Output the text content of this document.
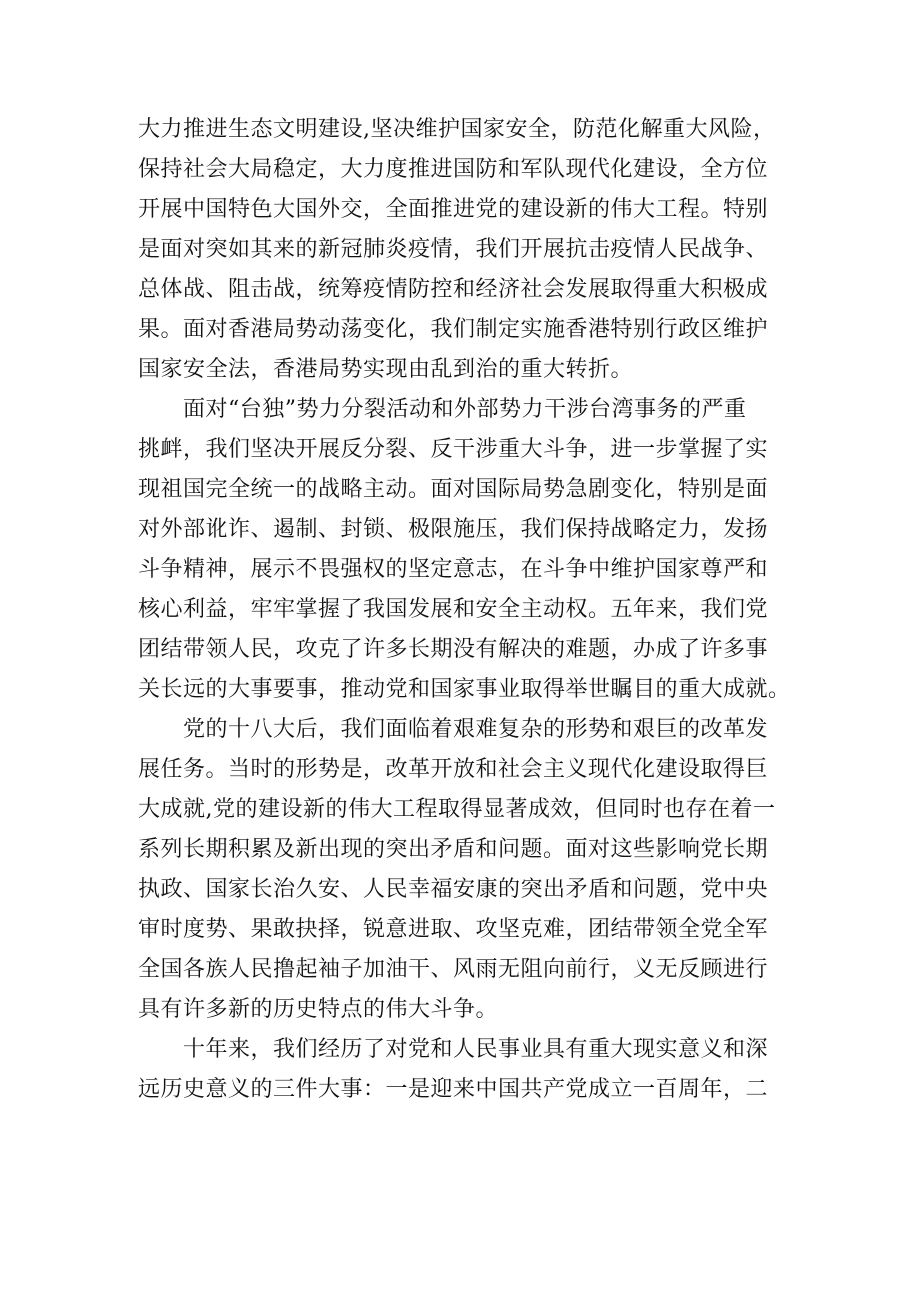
大力推进生态文明建设,坚决维护国家安全，防范化解重大风险，
保持社会大局稳定，大力度推进国防和军队现代化建设，全方位
开展中国特色大国外交，全面推进党的建设新的伟大工程。特别
是面对突如其来的新冠肺炎疫情，我们开展抗击疫情人民战争、
总体战、阻击战，统筹疫情防控和经济社会发展取得重大积极成
果。面对香港局势动荡变化，我们制定实施香港特别行政区维护
国家安全法，香港局势实现由乱到治的重大转折。
面对“台独”势力分裂活动和外部势力干涉台湾事务的严重
挑衅，我们坚决开展反分裂、反干涉重大斗争，进一步掌握了实
现祖国完全统一的战略主动。面对国际局势急剧变化，特别是面
对外部讹诈、遏制、封锁、极限施压，我们保持战略定力，发扬
斗争精神，展示不畏强权的坚定意志，在斗争中维护国家尊严和
核心利益，牢牢掌握了我国发展和安全主动权。五年来，我们党
团结带领人民，攻克了许多长期没有解决的难题，办成了许多事
关长远的大事要事，推动党和国家事业取得举世瞩目的重大成就。
党的十八大后，我们面临着艰难复杂的形势和艰巨的改革发
展任务。当时的形势是，改革开放和社会主义现代化建设取得巨
大成就,党的建设新的伟大工程取得显著成效，但同时也存在着一
系列长期积累及新出现的突出矛盾和问题。面对这些影响党长期
执政、国家长治久安、人民幸福安康的突出矛盾和问题，党中央
审时度势、果敢抉择，锐意进取、攻坚克难，团结带领全党全军
全国各族人民撸起袖子加油干、风雨无阻向前行，义无反顾进行
具有许多新的历史特点的伟大斗争。
十年来，我们经历了对党和人民事业具有重大现实意义和深
远历史意义的三件大事：一是迎来中国共产党成立一百周年，二
